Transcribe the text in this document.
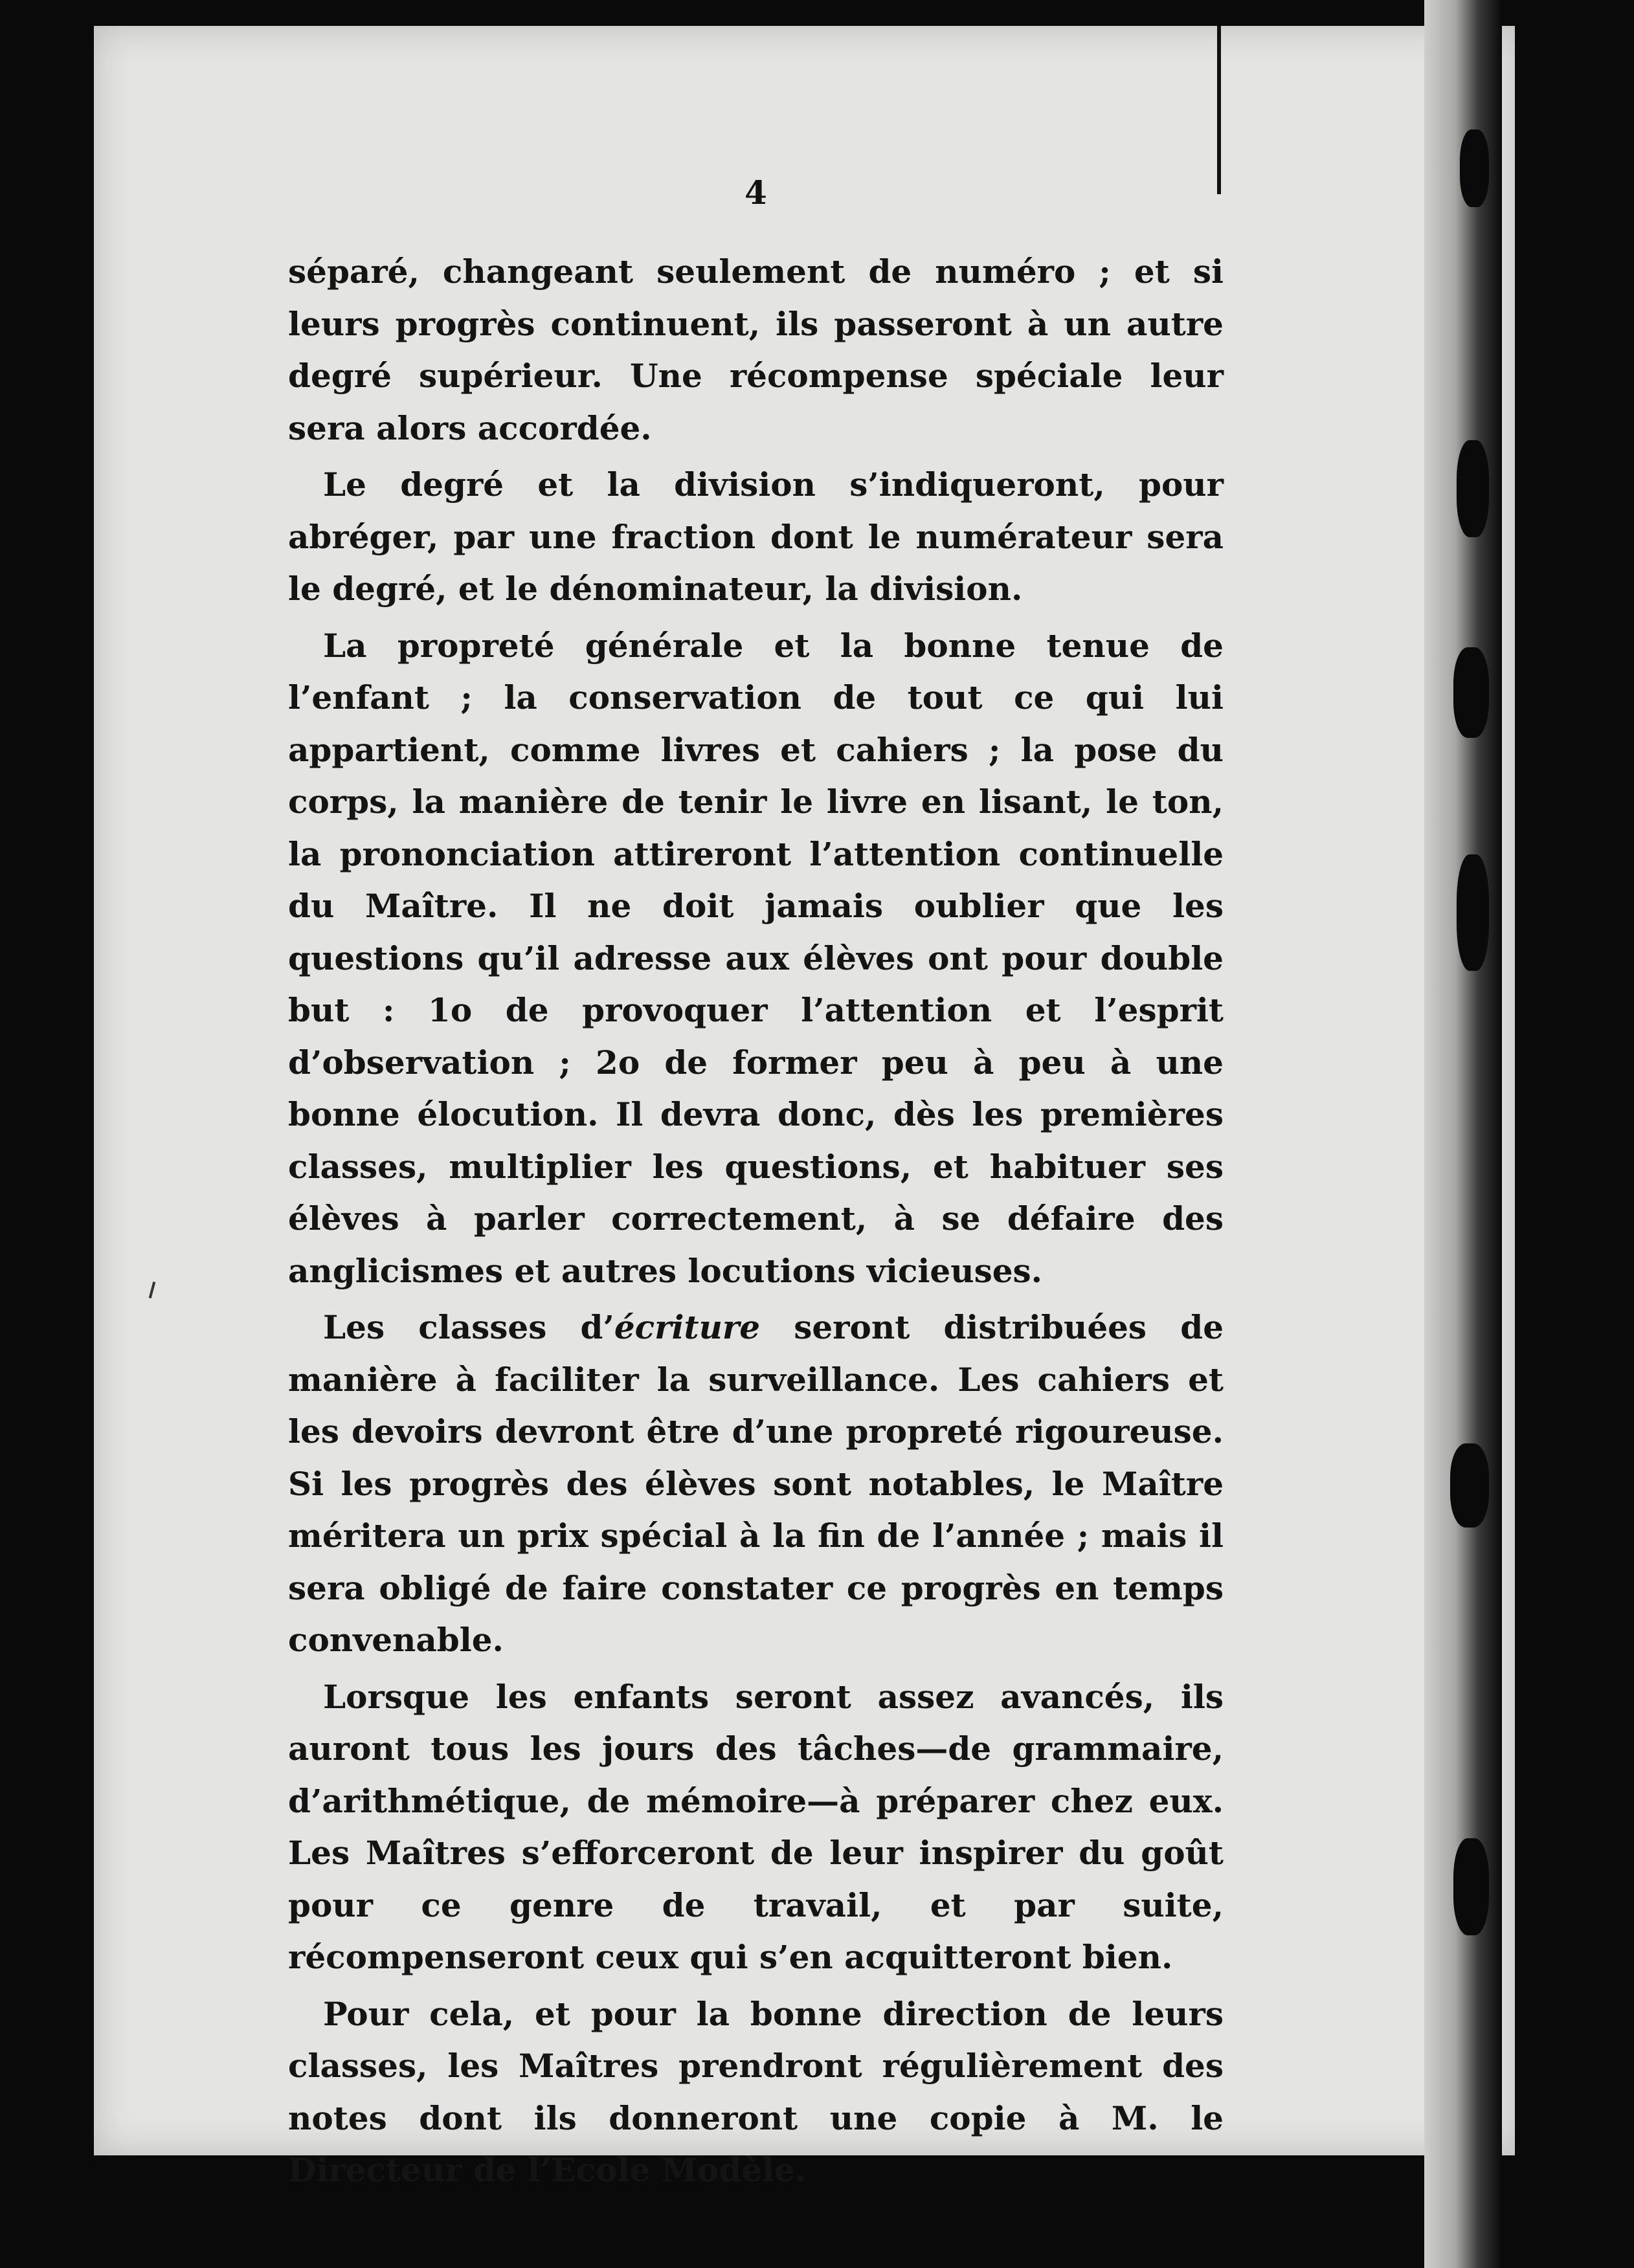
4

séparé, changeant seulement de numéro ; et si leurs progrès continuent, ils passeront à un autre degré supérieur. Une récompense spéciale leur sera alors accordée.

Le degré et la division s’indiqueront, pour abréger, par une fraction dont le numérateur sera le degré, et le dénominateur, la division.

La propreté générale et la bonne tenue de l’enfant ; la conservation de tout ce qui lui appartient, comme livres et cahiers ; la pose du corps, la manière de tenir le livre en lisant, le ton, la prononciation attireront l’attention continuelle du Maître. Il ne doit jamais oublier que les questions qu’il adresse aux élèves ont pour double but : 1o de provoquer l’attention et l’esprit d’observation ; 2o de former peu à peu à une bonne élocution. Il devra donc, dès les premières classes, multiplier les questions, et habituer ses élèves à parler correctement, à se défaire des anglicismes et autres locutions vicieuses.

Les classes d’écriture seront distribuées de manière à faciliter la surveillance. Les cahiers et les devoirs devront être d’une propreté rigoureuse. Si les progrès des élèves sont notables, le Maître méritera un prix spécial à la fin de l’année ; mais il sera obligé de faire constater ce progrès en temps convenable.

Lorsque les enfants seront assez avancés, ils auront tous les jours des tâches—de grammaire, d’arithmétique, de mémoire—à préparer chez eux. Les Maîtres s’efforceront de leur inspirer du goût pour ce genre de travail, et par suite, récompenseront ceux qui s’en acquitteront bien.

Pour cela, et pour la bonne direction de leurs classes, les Maîtres prendront régulièrement des notes dont ils donneront une copie à M. le Directeur de l’Ecole Modèle.
